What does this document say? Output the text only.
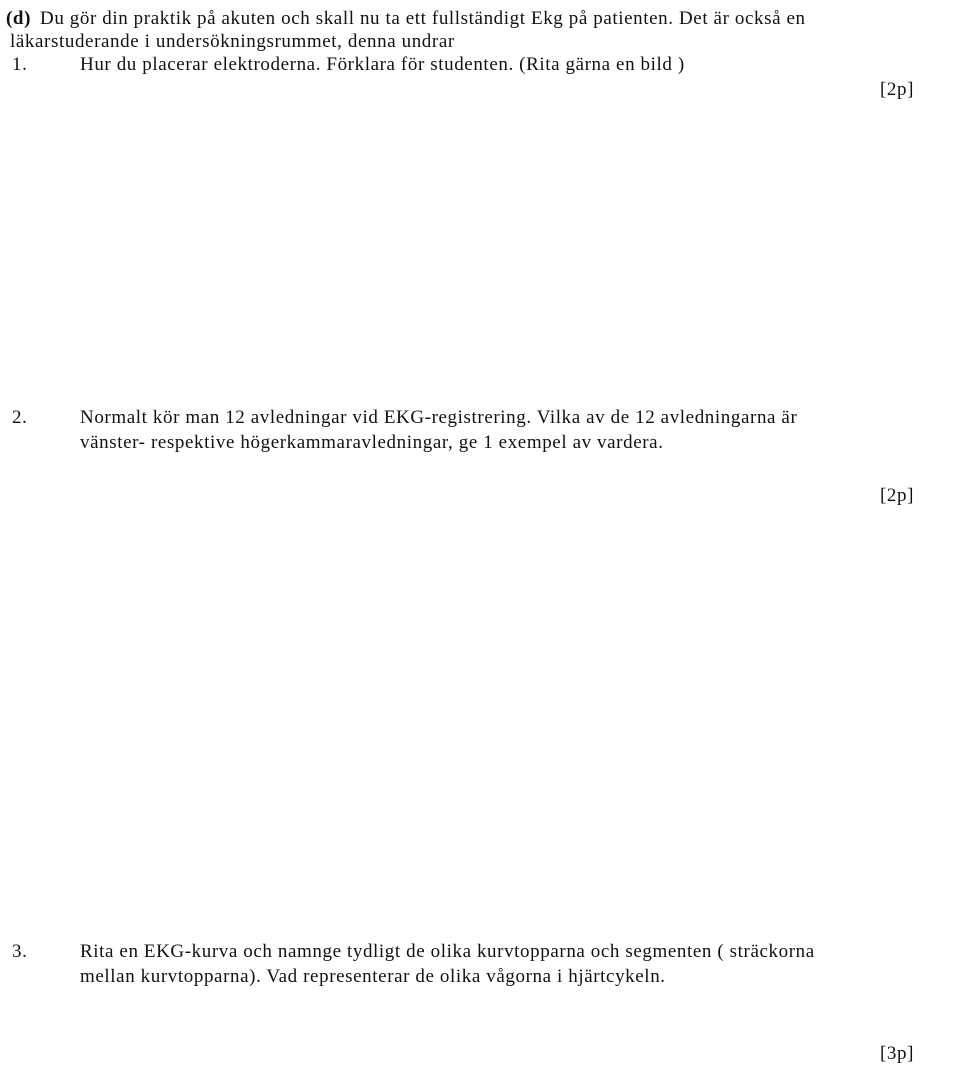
(d) Du gör din praktik på akuten och skall nu ta ett fullständigt Ekg på patienten. Det är också en
läkarstuderande i undersökningsrummet, denna undrar
1.	Hur du placerar elektroderna. Förklara för studenten. (Rita gärna en bild )
[2p]
2.	Normalt kör man 12 avledningar vid EKG-registrering. Vilka av de 12 avledningarna är
vänster- respektive högerkammaravledningar, ge 1 exempel av vardera.
[2p]
3.	Rita en EKG-kurva och namnge tydligt de olika kurvtopparna och segmenten ( sträckorna
mellan kurvtopparna). Vad representerar de olika vågorna i hjärtcykeln.
[3p]
